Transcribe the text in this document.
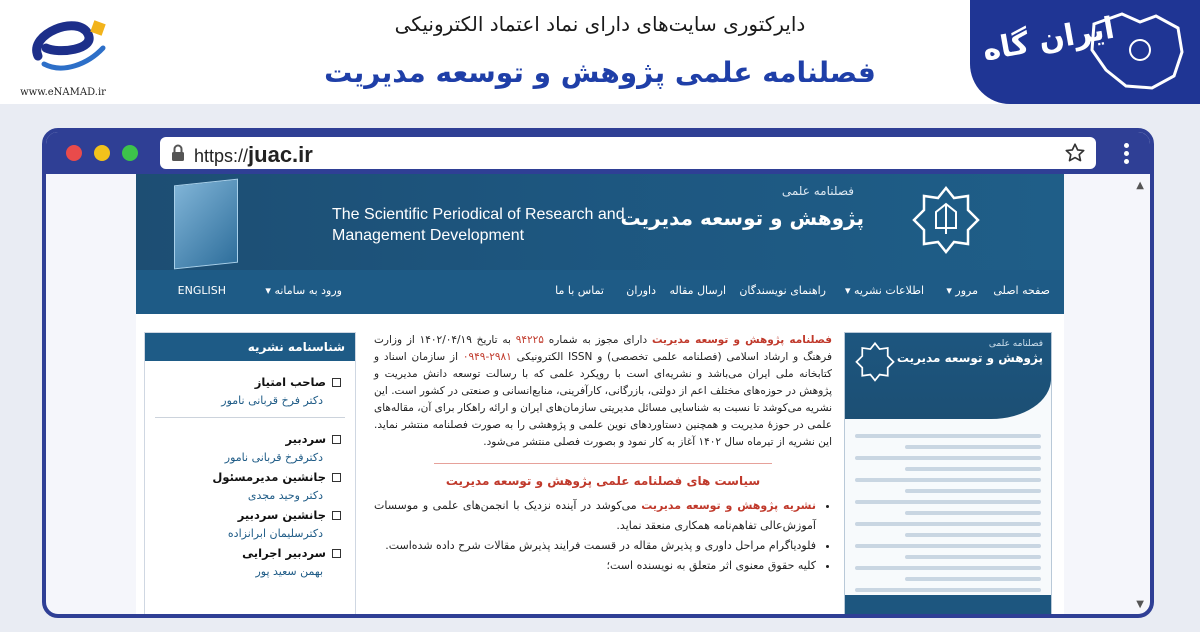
www.eNAMAD.ir
دایرکتوری سایت‌های دارای نماد اعتماد الکترونیکی
فصلنامه علمی پژوهش و توسعه مدیریت
ایران گاه
https://juac.ir
▲
▼
The Scientific Periodical of Research and Management Development
فصلنامه علمی
پژوهش و توسعه مدیریت
صفحه اصلی
مرور ▾
اطلاعات نشریه ▾
راهنمای نویسندگان
ارسال مقاله
داوران
تماس با ما
ورود به سامانه ▾
ENGLISH
شناسنامه نشریه
صاحب امتیاز
دکتر فرخ قربانی نامور
سردبیر
دکترفرخ قربانی نامور
جانشین مدیرمسئول
دکتر وحید مجدی
جانشین سردبیر
دکترسلیمان ابرانزاده
سردبیر اجرایی
بهمن سعید پور

فصلنامه پژوهش و توسعه مدیریت دارای مجوز به شماره ۹۴۲۲۵ به تاریخ ۱۴۰۲/۰۴/۱۹ از وزارت فرهنگ و ارشاد اسلامی (فصلنامه علمی تخصصی) و ISSN الکترونیکی ۲۹۸۱-۰۹۴۹ از سازمان اسناد و کتابخانه ملی ایران می‌باشد و نشریه‌ای است با رویکرد علمی که با رسالت توسعه دانش مدیریت و پژوهش در حوزه‌های مختلف اعم از دولتی، بازرگانی، کارآفرینی، منابع‌انسانی و صنعتی در کشور است. این نشریه می‌کوشد تا نسبت به شناسایی مسائل مدیریتی سازمان‌های ایران و ارائه راهکار برای آن، مقاله‌های علمی در حوزهٔ مدیریت و همچنین دستاوردهای نوین علمی و پژوهشی را به صورت فصلنامه منتشر نماید. این نشریه از تیرماه سال ۱۴۰۲ آغاز به کار نمود و بصورت فصلی منتشر می‌شود.

سیاست های فصلنامه علمی پژوهش و توسعه مدیریت
• نشریه پژوهش و توسعه مدیریت می‌کوشد در آینده نزدیک با انجمن‌های علمی و موسسات آموزش‌عالی تفاهم‌نامه همکاری منعقد نماید.
• فلودیاگرام مراحل داوری و پذیرش مقاله در قسمت فرایند پذیرش مقالات شرح داده شده‌است.
• کلیه حقوق معنوی اثر متعلق به نویسنده است؛
فصلنامه علمی
پژوهش و توسعه مدیریت
